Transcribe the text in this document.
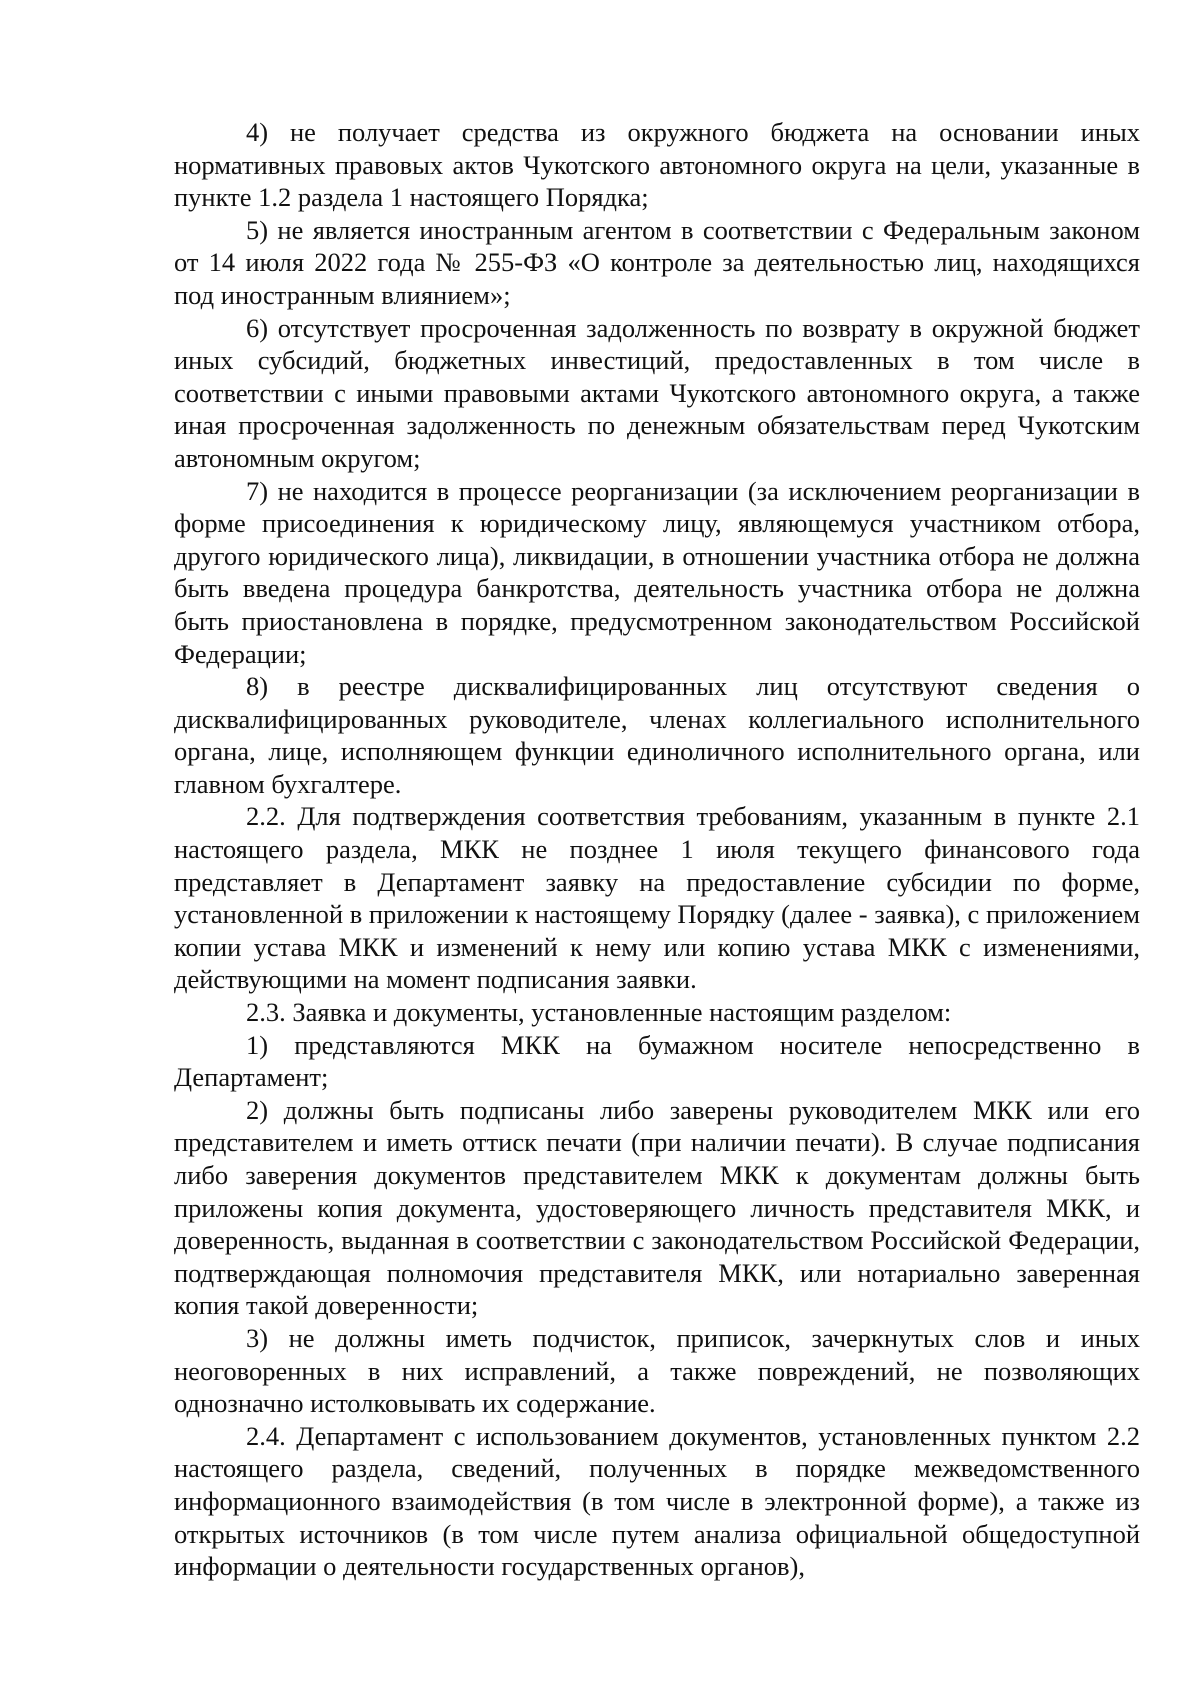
4) не получает средства из окружного бюджета на основании иных нормативных правовых актов Чукотского автономного округа на цели, указанные в пункте 1.2 раздела 1 настоящего Порядка;

5) не является иностранным агентом в соответствии с Федеральным законом от 14 июля 2022 года № 255-ФЗ «О контроле за деятельностью лиц, находящихся под иностранным влиянием»;

6) отсутствует просроченная задолженность по возврату в окружной бюджет иных субсидий, бюджетных инвестиций, предоставленных в том числе в соответствии с иными правовыми актами Чукотского автономного округа, а также иная просроченная задолженность по денежным обязательствам перед Чукотским автономным округом;

7) не находится в процессе реорганизации (за исключением реорганизации в форме присоединения к юридическому лицу, являющемуся участником отбора, другого юридического лица), ликвидации, в отношении участника отбора не должна быть введена процедура банкротства, деятельность участника отбора не должна быть приостановлена в порядке, предусмотренном законодательством Российской Федерации;

8) в реестре дисквалифицированных лиц отсутствуют сведения о дисквалифицированных руководителе, членах коллегиального исполнительного органа, лице, исполняющем функции единоличного исполнительного органа, или главном бухгалтере.

2.2. Для подтверждения соответствия требованиям, указанным в пункте 2.1 настоящего раздела, МКК не позднее 1 июля текущего финансового года представляет в Департамент заявку на предоставление субсидии по форме, установленной в приложении к настоящему Порядку (далее - заявка), с приложением копии устава МКК и изменений к нему или копию устава МКК с изменениями, действующими на момент подписания заявки.

2.3. Заявка и документы, установленные настоящим разделом:

1) представляются МКК на бумажном носителе непосредственно в Департамент;

2) должны быть подписаны либо заверены руководителем МКК или его представителем и иметь оттиск печати (при наличии печати). В случае подписания либо заверения документов представителем МКК к документам должны быть приложены копия документа, удостоверяющего личность представителя МКК, и доверенность, выданная в соответствии с законодательством Российской Федерации, подтверждающая полномочия представителя МКК, или нотариально заверенная копия такой доверенности;

3) не должны иметь подчисток, приписок, зачеркнутых слов и иных неоговоренных в них исправлений, а также повреждений, не позволяющих однозначно истолковывать их содержание.

2.4. Департамент с использованием документов, установленных пунктом 2.2 настоящего раздела, сведений, полученных в порядке межведомственного информационного взаимодействия (в том числе в электронной форме), а также из открытых источников (в том числе путем анализа официальной общедоступной информации о деятельности государственных органов),
